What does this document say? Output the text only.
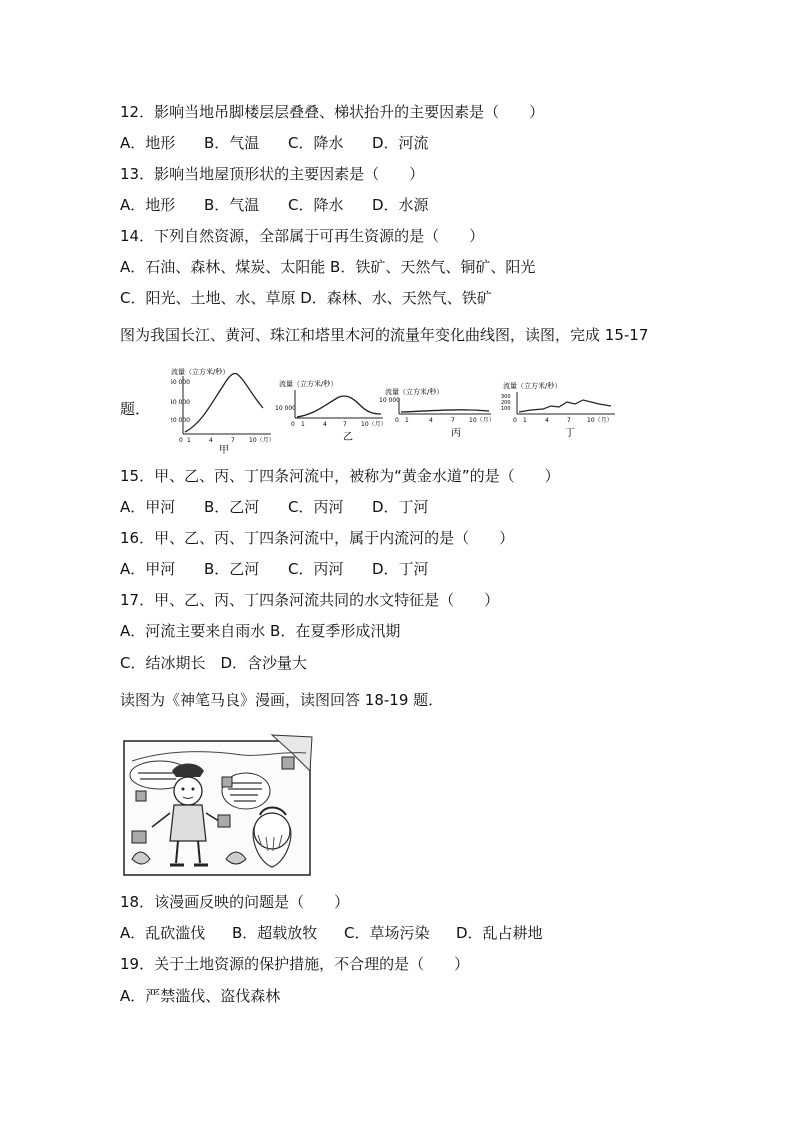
12．影响当地吊脚楼层层叠叠、梯状抬升的主要因素是（　　）
A．地形 B．气温 C．降水 D．河流
13．影响当地屋顶形状的主要因素是（　　）
A．地形 B．气温 C．降水 D．水源
14．下列自然资源，全部属于可再生资源的是（　　）
A．石油、森林、煤炭、太阳能 B．铁矿、天然气、铜矿、阳光
C．阳光、土地、水、草原 D．森林、水、天然气、铁矿
图为我国长江、黄河、珠江和塔里木河的流量年变化曲线图，读图，完成 15-17
题．
流量（立方米/秒）
60 000
40 000
20 000
0 1	4	7 10（月）
甲
流量（立方米/秒）
10 000
0 1	4	7 10（月）
乙
流量（立方米/秒）
10 000
0 1	4	7 10（月）
丙
流量（立方米/秒）
300
200
100
0 1	4	7	10（月）
丁
15．甲、乙、丙、丁四条河流中，被称为“黄金水道”的是（　　）
A．甲河 B．乙河 C．丙河 D．丁河
16．甲、乙、丙、丁四条河流中，属于内流河的是（　　）
A．甲河 B．乙河 C．丙河 D．丁河
17．甲、乙、丙、丁四条河流共同的水文特征是（　　）
A．河流主要来自雨水 B．在夏季形成汛期
C．结冰期长　D．含沙量大
读图为《神笔马良》漫画，读图回答 18-19 题．
18．该漫画反映的问题是（　　）
A．乱砍滥伐 B．超载放牧 C．草场污染 D．乱占耕地
19．关于土地资源的保护措施，不合理的是（　　）
A．严禁滥伐、盗伐森林
